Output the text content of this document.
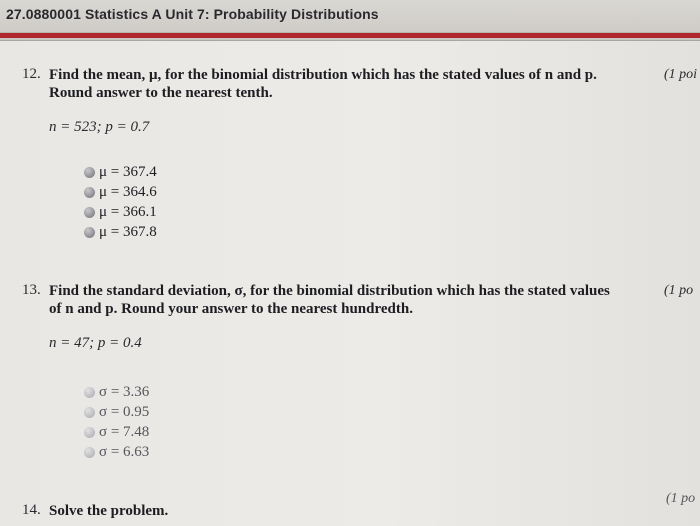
27.0880001 Statistics A Unit 7: Probability Distributions
12. Find the mean, μ, for the binomial distribution which has the stated values of n and p.
Round answer to the nearest tenth.
(1 poi
n = 523; p = 0.7
μ = 367.4
μ = 364.6
μ = 366.1
μ = 367.8
13. Find the standard deviation, σ, for the binomial distribution which has the stated values
of n and p. Round your answer to the nearest hundredth.
(1 po
n = 47; p = 0.4
σ = 3.36
σ = 0.95
σ = 7.48
σ = 6.63
14. Solve the problem.
(1 po
